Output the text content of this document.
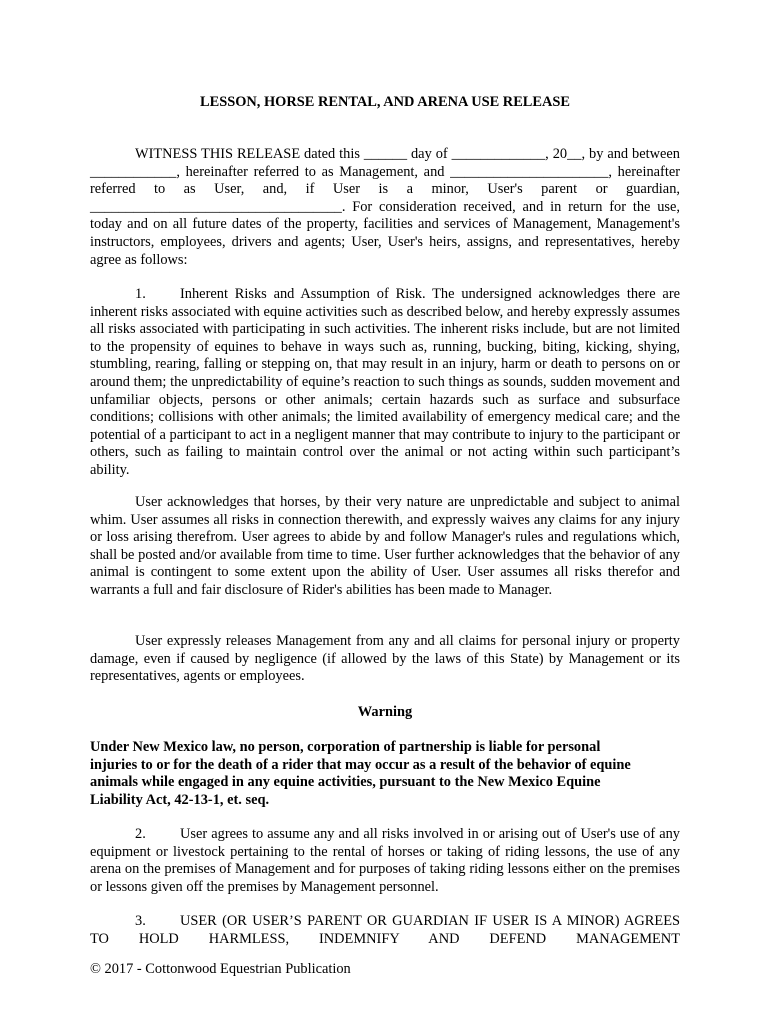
LESSON, HORSE RENTAL, AND ARENA USE RELEASE

WITNESS THIS RELEASE dated this ______ day of _____________, 20__, by and between ____________, hereinafter referred to as Management, and ______________________, hereinafter referred to as User, and, if User is a minor, User's parent or guardian, ___________________________________. For consideration received, and in return for the use, today and on all future dates of the property, facilities and services of Management, Management's instructors, employees, drivers and agents; User, User's heirs, assigns, and representatives, hereby agree as follows:

1. Inherent Risks and Assumption of Risk. The undersigned acknowledges there are inherent risks associated with equine activities such as described below, and hereby expressly assumes all risks associated with participating in such activities. The inherent risks include, but are not limited to the propensity of equines to behave in ways such as, running, bucking, biting, kicking, shying, stumbling, rearing, falling or stepping on, that may result in an injury, harm or death to persons on or around them; the unpredictability of equine’s reaction to such things as sounds, sudden movement and unfamiliar objects, persons or other animals; certain hazards such as surface and subsurface conditions; collisions with other animals; the limited availability of emergency medical care; and the potential of a participant to act in a negligent manner that may contribute to injury to the participant or others, such as failing to maintain control over the animal or not acting within such participant’s ability.

User acknowledges that horses, by their very nature are unpredictable and subject to animal whim. User assumes all risks in connection therewith, and expressly waives any claims for any injury or loss arising therefrom. User agrees to abide by and follow Manager's rules and regulations which, shall be posted and/or available from time to time. User further acknowledges that the behavior of any animal is contingent to some extent upon the ability of User. User assumes all risks therefor and warrants a full and fair disclosure of Rider's abilities has been made to Manager.

User expressly releases Management from any and all claims for personal injury or property damage, even if caused by negligence (if allowed by the laws of this State) by Management or its representatives, agents or employees.

Warning

Under New Mexico law, no person, corporation of partnership is liable for personal injuries to or for the death of a rider that may occur as a result of the behavior of equine animals while engaged in any equine activities, pursuant to the New Mexico Equine Liability Act, 42-13-1, et. seq.

2. User agrees to assume any and all risks involved in or arising out of User's use of any equipment or livestock pertaining to the rental of horses or taking of riding lessons, the use of any arena on the premises of Management and for purposes of taking riding lessons either on the premises or lessons given off the premises by Management personnel.

3. USER (OR USER’S PARENT OR GUARDIAN IF USER IS A MINOR) AGREES TO HOLD HARMLESS, INDEMNIFY AND DEFEND MANAGEMENT

© 2017 - Cottonwood Equestrian Publication
